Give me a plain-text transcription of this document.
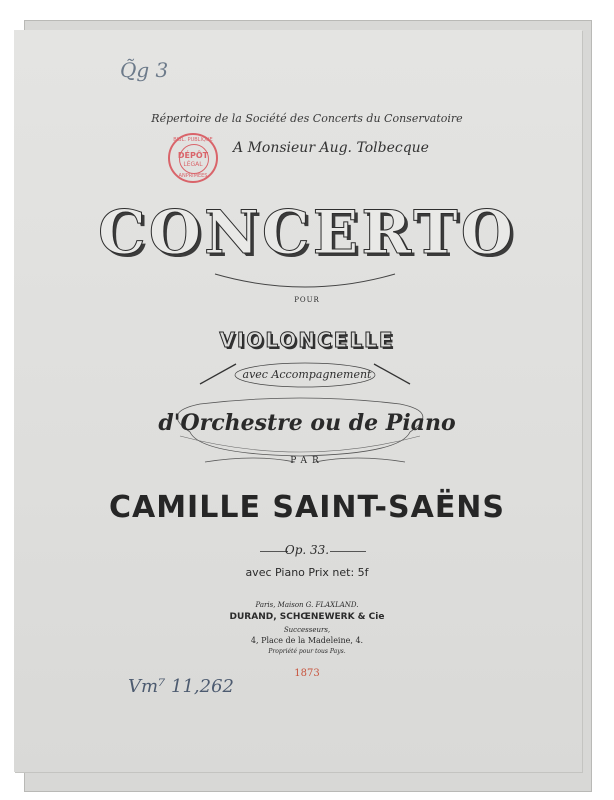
Q̃g 3
Répertoire de la Société des Concerts du Conservatoire
BIBL. PUBLIQUE
DÉPÔT
LÉGAL
ANPRIMÉES
A Monsieur Aug. Tolbecque
CONCERTO
POUR
VIOLONCELLE
avec Accompagnement
d'Orchestre ou de Piano
PAR
CAMILLE SAINT-SAËNS
Op. 33.
avec Piano Prix net: 5f
Paris, Maison G. FLAXLAND.
DURAND, SCHŒNEWERK & Cie
Successeurs,
4, Place de la Madeleine, 4.
Propriété pour tous Pays.
1873
Vm⁷ 11,262
